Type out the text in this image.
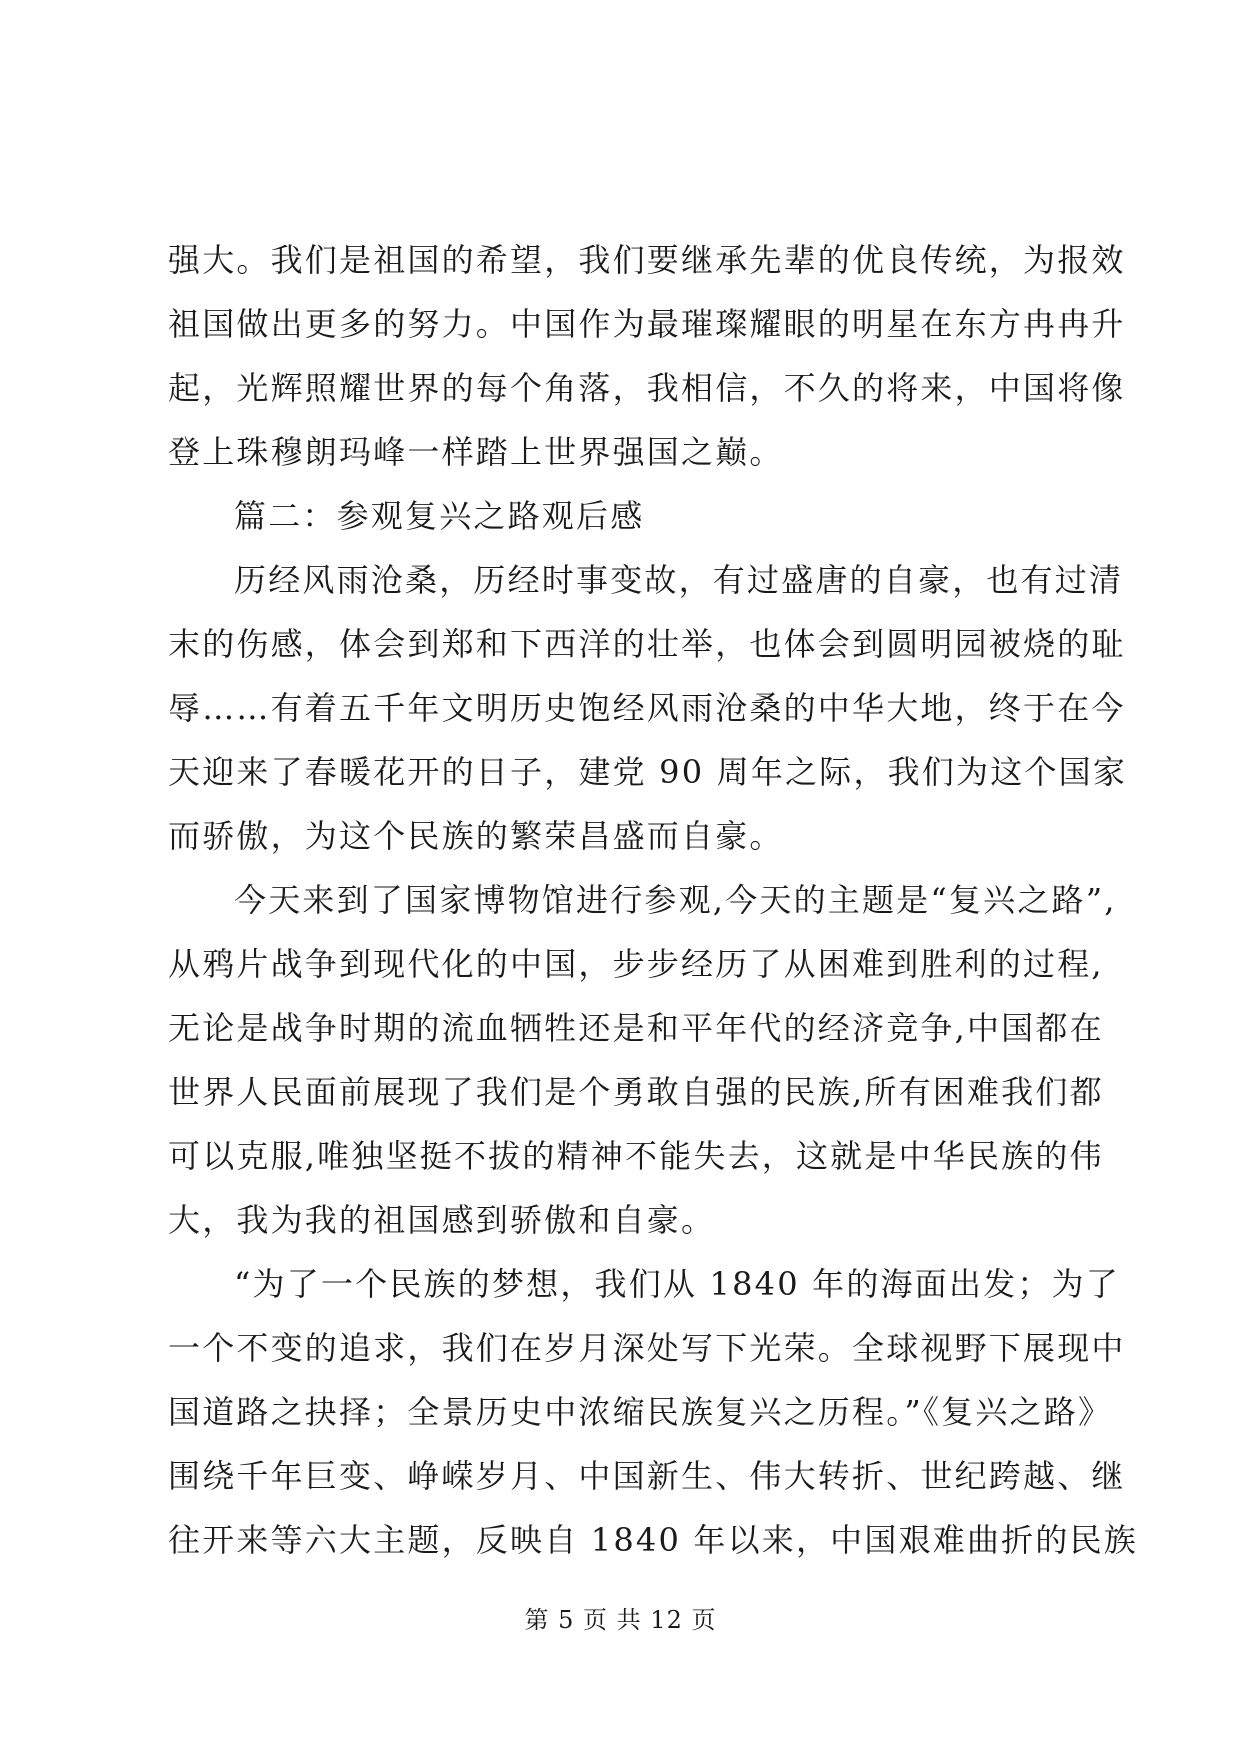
强大。我们是祖国的希望，我们要继承先辈的优良传统，为报效
祖国做出更多的努力。中国作为最璀璨耀眼的明星在东方冉冉升
起，光辉照耀世界的每个角落，我相信，不久的将来，中国将像
登上珠穆朗玛峰一样踏上世界强国之巅。
篇二：参观复兴之路观后感
历经风雨沧桑，历经时事变故，有过盛唐的自豪，也有过清
末的伤感，体会到郑和下西洋的壮举，也体会到圆明园被烧的耻
辱……有着五千年文明历史饱经风雨沧桑的中华大地，终于在今
天迎来了春暖花开的日子，建党 90 周年之际，我们为这个国家
而骄傲，为这个民族的繁荣昌盛而自豪。
今天来到了国家博物馆进行参观,今天的主题是“复兴之路”,
从鸦片战争到现代化的中国，步步经历了从困难到胜利的过程,
无论是战争时期的流血牺牲还是和平年代的经济竞争,中国都在
世界人民面前展现了我们是个勇敢自强的民族,所有困难我们都
可以克服,唯独坚挺不拔的精神不能失去，这就是中华民族的伟
大，我为我的祖国感到骄傲和自豪。
“为了一个民族的梦想，我们从 1840 年的海面出发；为了
一个不变的追求，我们在岁月深处写下光荣。全球视野下展现中
国道路之抉择；全景历史中浓缩民族复兴之历程。”《复兴之路》
围绕千年巨变、峥嵘岁月、中国新生、伟大转折、世纪跨越、继
往开来等六大主题，反映自 1840 年以来，中国艰难曲折的民族
第 5 页 共 12 页
